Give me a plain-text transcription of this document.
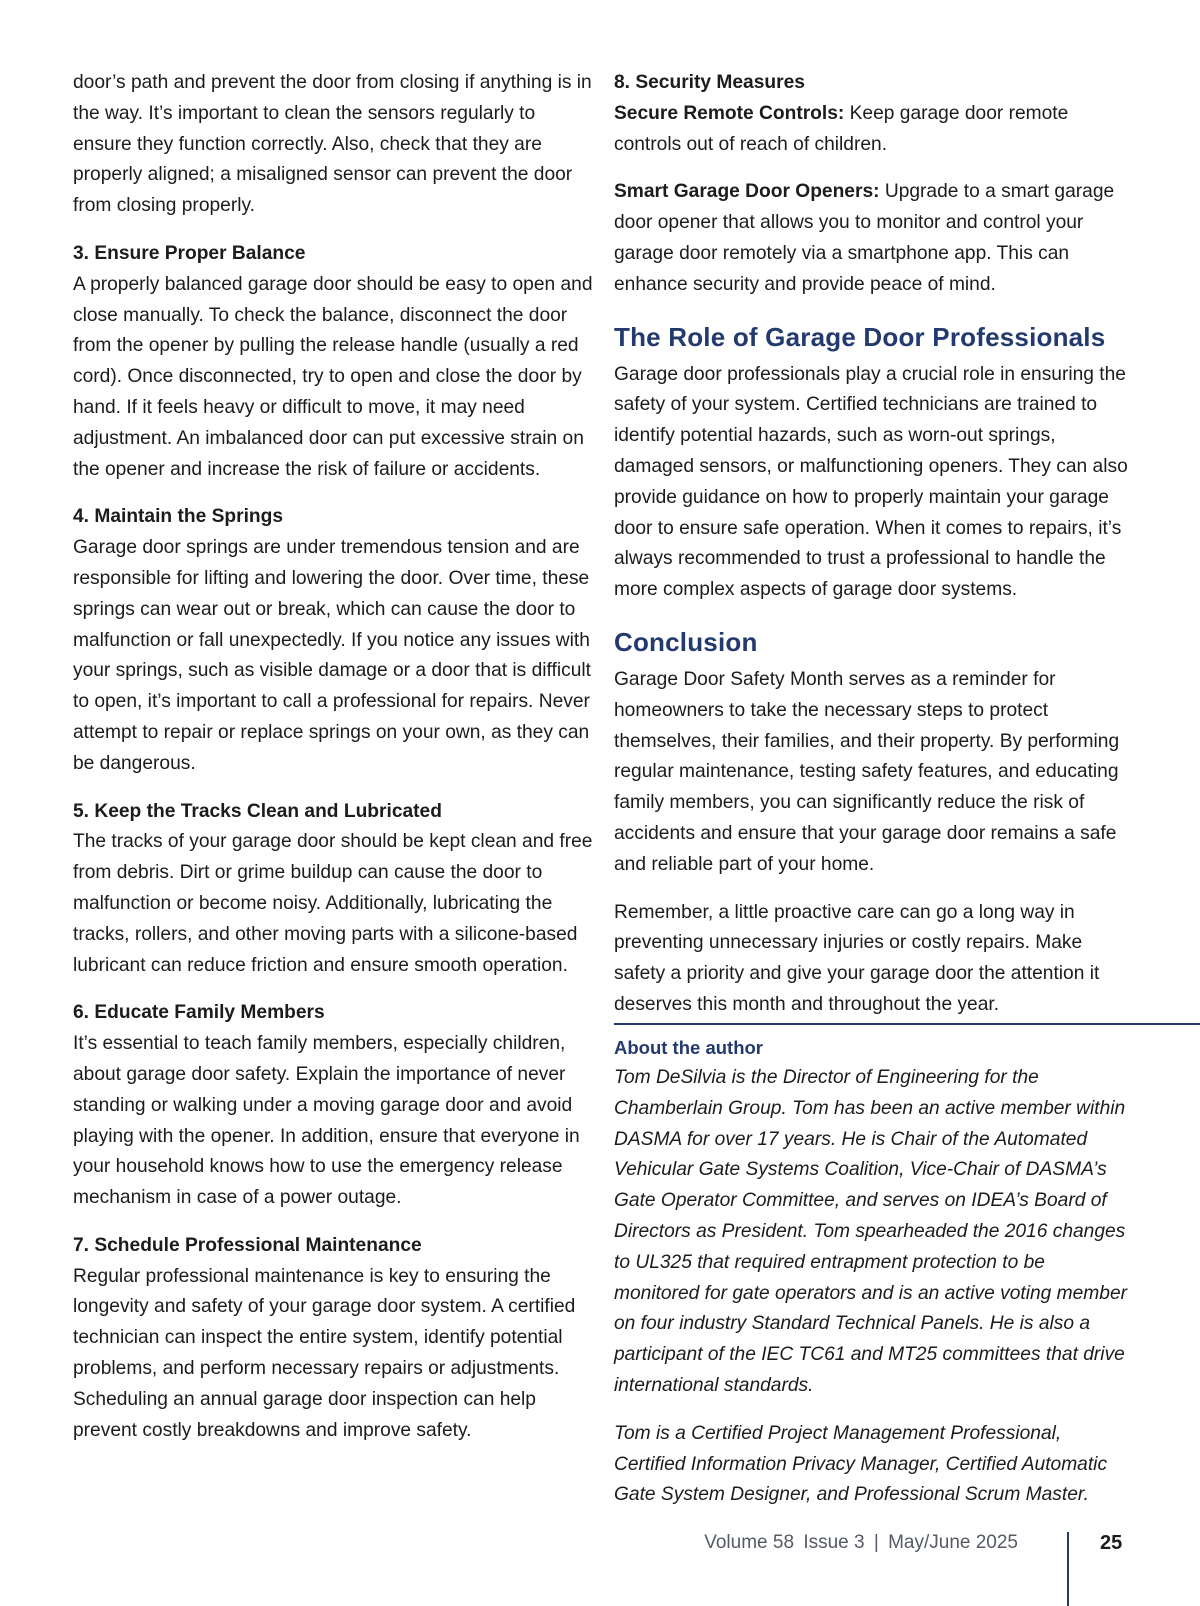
door’s path and prevent the door from closing if anything is in the way. It’s important to clean the sensors regularly to ensure they function correctly. Also, check that they are properly aligned; a misaligned sensor can prevent the door from closing properly.

3. Ensure Proper Balance

A properly balanced garage door should be easy to open and close manually. To check the balance, disconnect the door from the opener by pulling the release handle (usually a red cord). Once disconnected, try to open and close the door by hand. If it feels heavy or difficult to move, it may need adjustment. An imbalanced door can put excessive strain on the opener and increase the risk of failure or accidents.

4. Maintain the Springs

Garage door springs are under tremendous tension and are responsible for lifting and lowering the door. Over time, these springs can wear out or break, which can cause the door to malfunction or fall unexpectedly. If you notice any issues with your springs, such as visible damage or a door that is difficult to open, it’s important to call a professional for repairs. Never attempt to repair or replace springs on your own, as they can be dangerous.

5. Keep the Tracks Clean and Lubricated

The tracks of your garage door should be kept clean and free from debris. Dirt or grime buildup can cause the door to malfunction or become noisy. Additionally, lubricating the tracks, rollers, and other moving parts with a silicone-based lubricant can reduce friction and ensure smooth operation.

6. Educate Family Members

It’s essential to teach family members, especially children, about garage door safety. Explain the importance of never standing or walking under a moving garage door and avoid playing with the opener. In addition, ensure that everyone in your household knows how to use the emergency release mechanism in case of a power outage.

7. Schedule Professional Maintenance

Regular professional maintenance is key to ensuring the longevity and safety of your garage door system. A certified technician can inspect the entire system, identify potential problems, and perform necessary repairs or adjustments. Scheduling an annual garage door inspection can help prevent costly breakdowns and improve safety.

8. Security Measures

Secure Remote Controls: Keep garage door remote controls out of reach of children.

Smart Garage Door Openers: Upgrade to a smart garage door opener that allows you to monitor and control your garage door remotely via a smartphone app. This can enhance security and provide peace of mind.

The Role of Garage Door Professionals

Garage door professionals play a crucial role in ensuring the safety of your system. Certified technicians are trained to identify potential hazards, such as worn-out springs, damaged sensors, or malfunctioning openers. They can also provide guidance on how to properly maintain your garage door to ensure safe operation. When it comes to repairs, it’s always recommended to trust a professional to handle the more complex aspects of garage door systems.

Conclusion

Garage Door Safety Month serves as a reminder for homeowners to take the necessary steps to protect themselves, their families, and their property. By performing regular maintenance, testing safety features, and educating family members, you can significantly reduce the risk of accidents and ensure that your garage door remains a safe and reliable part of your home.

Remember, a little proactive care can go a long way in preventing unnecessary injuries or costly repairs. Make safety a priority and give your garage door the attention it deserves this month and throughout the year.

About the author

Tom DeSilvia is the Director of Engineering for the Chamberlain Group. Tom has been an active member within DASMA for over 17 years. He is Chair of the Automated Vehicular Gate Systems Coalition, Vice-Chair of DASMA’s Gate Operator Committee, and serves on IDEA’s Board of Directors as President. Tom spearheaded the 2016 changes to UL325 that required entrapment protection to be monitored for gate operators and is an active voting member on four industry Standard Technical Panels. He is also a participant of the IEC TC61 and MT25 committees that drive international standards.

Tom is a Certified Project Management Professional, Certified Information Privacy Manager, Certified Automatic Gate System Designer, and Professional Scrum Master.

Volume 58 Issue 3 | May/June 2025	25
